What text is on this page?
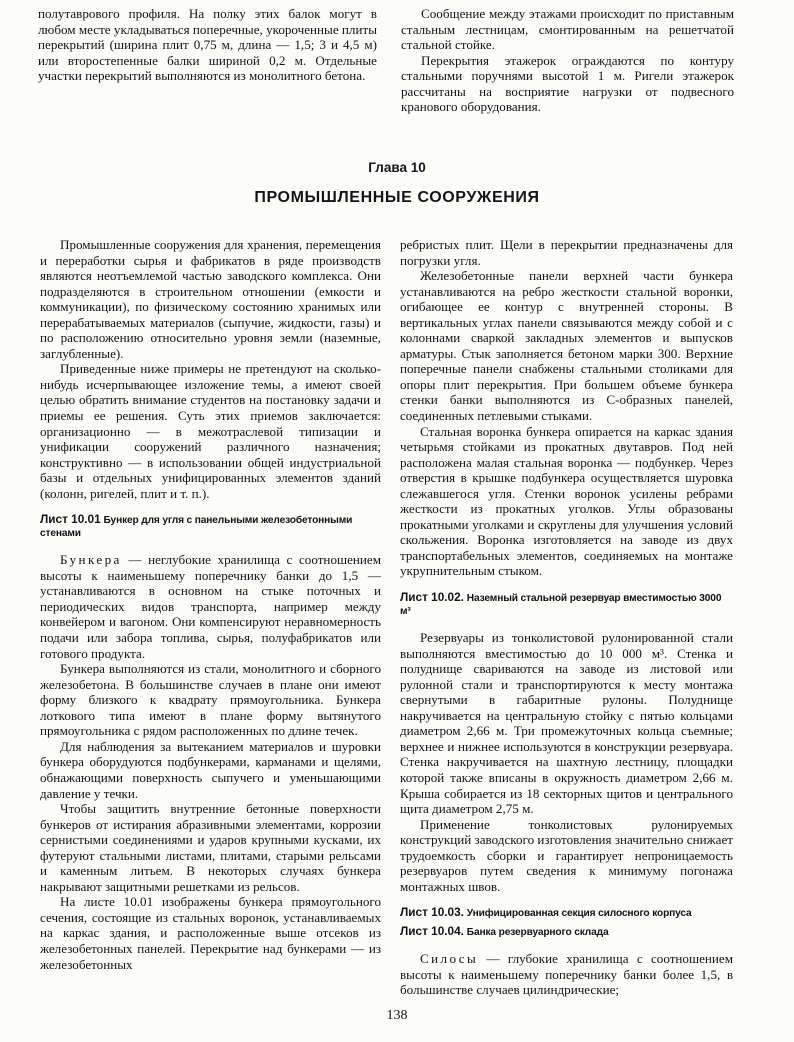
полутаврового профиля. На полку этих балок могут в любом месте укладываться поперечные, укороченные плиты перекрытий (ширина плит 0,75 м, длина — 1,5; 3 и 4,5 м) или второстепенные балки шириной 0,2 м. Отдельные участки перекрытий выполняются из монолитного бетона.

Сообщение между этажами происходит по приставным стальным лестницам, смонтированным на решетчатой стальной стойке.

Перекрытия этажерок ограждаются по контуру стальными поручнями высотой 1 м. Ригели этажерок рассчитаны на восприятие нагрузки от подвесного кранового оборудования.

Глава 10
ПРОМЫШЛЕННЫЕ СООРУЖЕНИЯ

Промышленные сооружения для хранения, перемещения и переработки сырья и фабрикатов в ряде производств являются неотъемлемой частью заводского комплекса. Они подразделяются в строительном отношении (емкости и коммуникации), по физическому состоянию хранимых или перерабатываемых материалов (сыпучие, жидкости, газы) и по расположению относительно уровня земли (наземные, заглубленные).

Приведенные ниже примеры не претендуют на сколько-нибудь исчерпывающее изложение темы, а имеют своей целью обратить внимание студентов на постановку задачи и приемы ее решения. Суть этих приемов заключается: организационно — в межотраслевой типизации и унификации сооружений различного назначения; конструктивно — в использовании общей индустриальной базы и отдельных унифицированных элементов зданий (колонн, ригелей, плит и т. п.).

Лист 10.01 Бункер для угля с панельными железобетонными стенами

Бункера — неглубокие хранилища с соотношением высоты к наименьшему поперечнику банки до 1,5 — устанавливаются в основном на стыке поточных и периодических видов транспорта, например между конвейером и вагоном. Они компенсируют неравномерность подачи или забора топлива, сырья, полуфабрикатов или готового продукта.

Бункера выполняются из стали, монолитного и сборного железобетона. В большинстве случаев в плане они имеют форму близкого к квадрату прямоугольника. Бункера лоткового типа имеют в плане форму вытянутого прямоугольника с рядом расположенных по длине течек.

Для наблюдения за вытеканием материалов и шуровки бункера оборудуются подбункерами, карманами и щелями, обнажающими поверхность сыпучего и уменьшающими давление у течки.

Чтобы защитить внутренние бетонные поверхности бункеров от истирания абразивными элементами, коррозии сернистыми соединениями и ударов крупными кусками, их футеруют стальными листами, плитами, старыми рельсами и каменным литьем. В некоторых случаях бункера накрывают защитными решетками из рельсов.

На листе 10.01 изображены бункера прямоугольного сечения, состоящие из стальных воронок, устанавливаемых на каркас здания, и расположенные выше отсеков из железобетонных панелей. Перекрытие над бункерами — из железобетонных

ребристых плит. Щели в перекрытии предназначены для погрузки угля.

Железобетонные панели верхней части бункера устанавливаются на ребро жесткости стальной воронки, огибающее ее контур с внутренней стороны. В вертикальных углах панели связываются между собой и с колоннами сваркой закладных элементов и выпусков арматуры. Стык заполняется бетоном марки 300. Верхние поперечные панели снабжены стальными столиками для опоры плит перекрытия. При большем объеме бункера стенки банки выполняются из С-образных панелей, соединенных петлевыми стыками.

Стальная воронка бункера опирается на каркас здания четырьмя стойками из прокатных двутавров. Под ней расположена малая стальная воронка — подбункер. Через отверстия в крышке подбункера осуществляется шуровка слежавшегося угля. Стенки воронок усилены ребрами жесткости из прокатных уголков. Углы образованы прокатными уголками и скруглены для улучшения условий скольжения. Воронка изготовляется на заводе из двух транспортабельных элементов, соединяемых на монтаже укрупнительным стыком.

Лист 10.02. Наземный стальной резервуар вместимостью 3000 м³

Резервуары из тонколистовой рулонированной стали выполняются вместимостью до 10 000 м³. Стенка и полуднище свариваются на заводе из листовой или рулонной стали и транспортируются к месту монтажа свернутыми в габаритные рулоны. Полуднище накручивается на центральную стойку с пятью кольцами диаметром 2,66 м. Три промежуточных кольца съемные; верхнее и нижнее используются в конструкции резервуара. Стенка накручивается на шахтную лестницу, площадки которой также вписаны в окружность диаметром 2,66 м. Крыша собирается из 18 секторных щитов и центрального щита диаметром 2,75 м.

Применение тонколистовых рулонируемых конструкций заводского изготовления значительно снижает трудоемкость сборки и гарантирует непроницаемость резервуаров путем сведения к минимуму погонажа монтажных швов.

Лист 10.03. Унифицированная секция силосного корпуса
Лист 10.04. Банка резервуарного склада

Силосы — глубокие хранилища с соотношением высоты к наименьшему поперечнику банки более 1,5, в большинстве случаев цилиндрические;

138
